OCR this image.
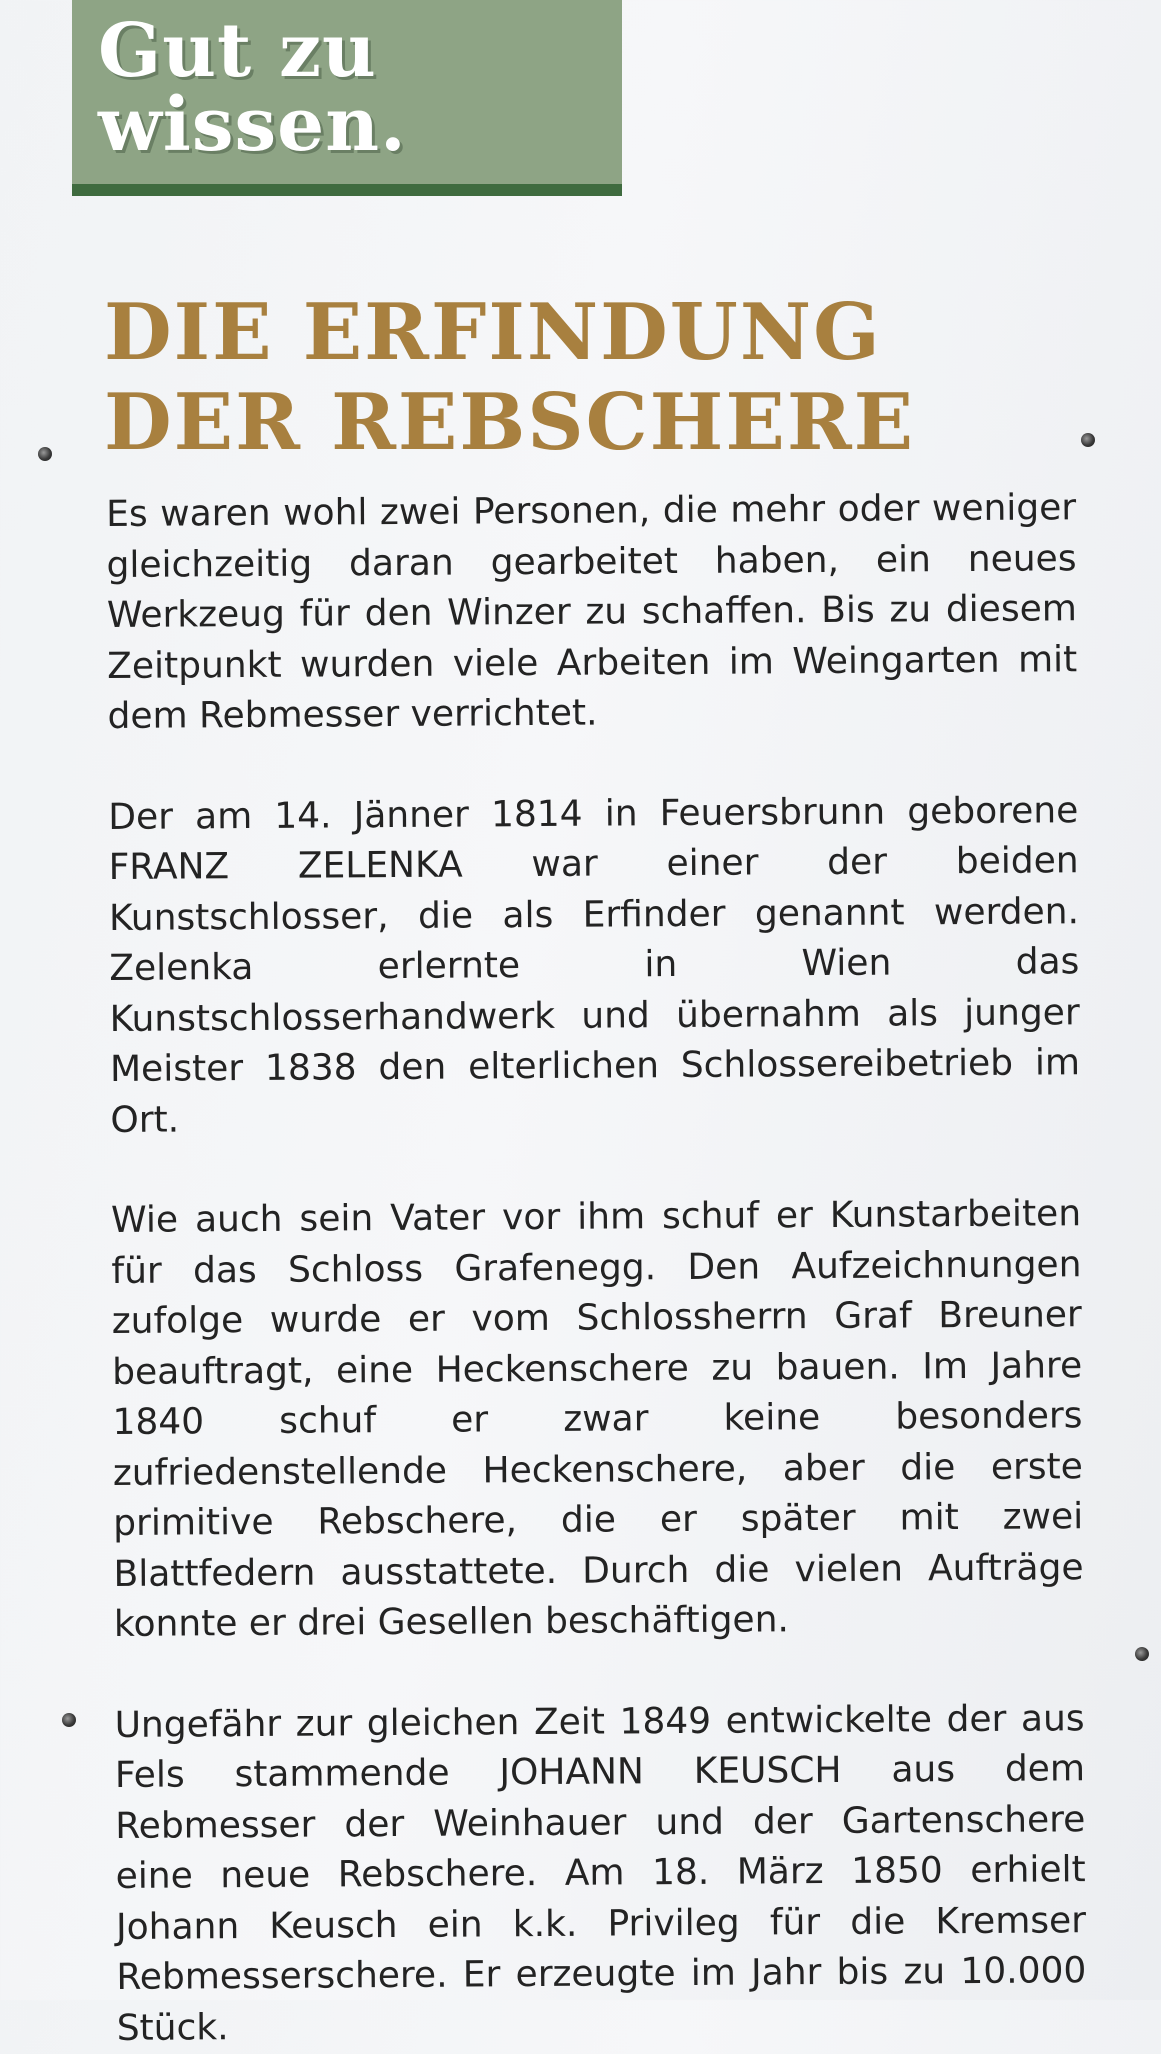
Gut zu
wissen.
DIE ERFINDUNG
DER REBSCHERE

Es waren wohl zwei Personen, die mehr oder weniger gleichzeitig daran gearbeitet haben, ein neues Werkzeug für den Winzer zu schaffen. Bis zu diesem Zeitpunkt wurden viele Arbeiten im Weingarten mit dem Rebmesser verrichtet.

Der am 14. Jänner 1814 in Feuersbrunn geborene FRANZ ZELENKA war einer der beiden Kunstschlosser, die als Erfinder genannt werden. Zelenka erlernte in Wien das Kunstschlosserhandwerk und übernahm als junger Meister 1838 den elterlichen Schlossereibetrieb im Ort.

Wie auch sein Vater vor ihm schuf er Kunstarbeiten für das Schloss Grafenegg. Den Aufzeichnungen zufolge wurde er vom Schlossherrn Graf Breuner beauftragt, eine Heckenschere zu bauen. Im Jahre 1840 schuf er zwar keine besonders zufriedenstellende Heckenschere, aber die erste primitive Rebschere, die er später mit zwei Blattfedern ausstattete. Durch die vielen Aufträge konnte er drei Gesellen beschäftigen.

Ungefähr zur gleichen Zeit 1849 entwickelte der aus Fels stammende JOHANN KEUSCH aus dem Rebmesser der Weinhauer und der Gartenschere eine neue Rebschere. Am 18. März 1850 erhielt Johann Keusch ein k.k. Privileg für die Kremser Rebmesserschere. Er erzeugte im Jahr bis zu 10.000 Stück.
